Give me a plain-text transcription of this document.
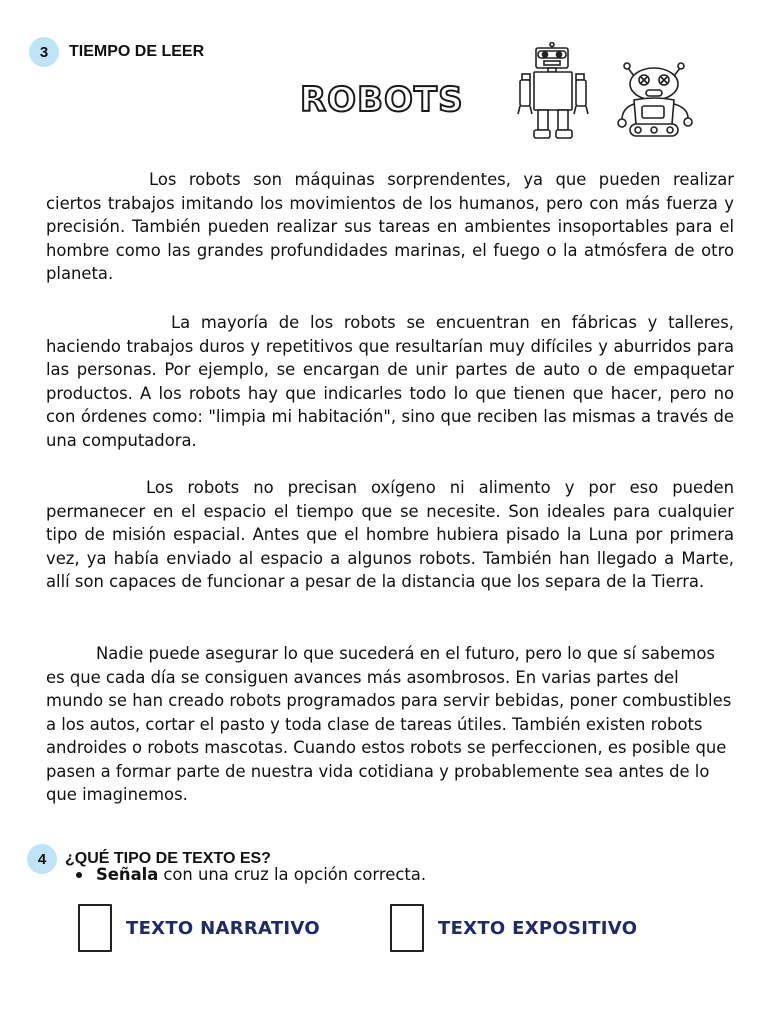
3	TIEMPO DE LEER
ROBOTS

Los robots son máquinas sorprendentes, ya que pueden realizar ciertos trabajos imitando los movimientos de los humanos, pero con más fuerza y precisión. También pueden realizar sus tareas en ambientes insoportables para el hombre como las grandes profundidades marinas, el fuego o la atmósfera de otro planeta.

La mayoría de los robots se encuentran en fábricas y talleres, haciendo trabajos duros y repetitivos que resultarían muy difíciles y aburridos para las personas. Por ejemplo, se encargan de unir partes de auto o de empaquetar productos. A los robots hay que indicarles todo lo que tienen que hacer, pero no con órdenes como: "limpia mi habitación", sino que reciben las mismas a través de una computadora.

Los robots no precisan oxígeno ni alimento y por eso pueden permanecer en el espacio el tiempo que se necesite. Son ideales para cualquier tipo de misión espacial. Antes que el hombre hubiera pisado la Luna por primera vez, ya había enviado al espacio a algunos robots. También han llegado a Marte, allí son capaces de funcionar a pesar de la distancia que los separa de la Tierra.

Nadie puede asegurar lo que sucederá en el futuro, pero lo que sí sabemos es que cada día se consiguen avances más asombrosos. En varias partes del mundo se han creado robots programados para servir bebidas, poner combustibles a los autos, cortar el pasto y toda clase de tareas útiles. También existen robots androides o robots mascotas. Cuando estos robots se perfeccionen, es posible que pasen a formar parte de nuestra vida cotidiana y probablemente sea antes de lo que imaginemos.

4	¿QUÉ TIPO DE TEXTO ES?
Señala con una cruz la opción correcta.
TEXTO NARRATIVO	TEXTO EXPOSITIVO
